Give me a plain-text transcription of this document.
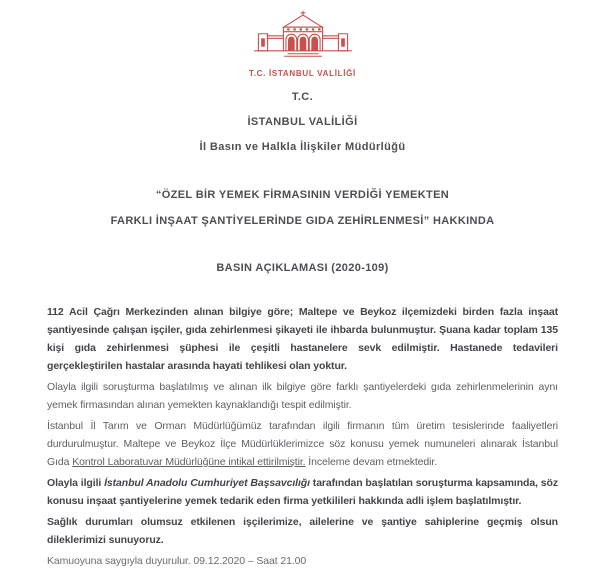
T.C. İSTANBUL VALİLİĞİ
T.C.
İSTANBUL VALİLİĞİ
İl Basın ve Halkla İlişkiler Müdürlüğü
“ÖZEL BİR YEMEK FİRMASININ VERDİĞİ YEMEKTEN
FARKLI İNŞAAT ŞANTİYELERİNDE GIDA ZEHİRLENMESİ” HAKKINDA
BASIN AÇIKLAMASI (2020-109)

112 Acil Çağrı Merkezinden alınan bilgiye göre; Maltepe ve Beykoz ilçemizdeki birden fazla inşaat şantiyesinde çalışan işçiler, gıda zehirlenmesi şikayeti ile ihbarda bulunmuştur. Şuana kadar toplam 135 kişi gıda zehirlenmesi şüphesi ile çeşitli hastanelere sevk edilmiştir. Hastanede tedavileri gerçekleştirilen hastalar arasında hayati tehlikesi olan yoktur.

Olayla ilgili soruşturma başlatılmış ve alınan ilk bilgiye göre farklı şantiyelerdeki gıda zehirlenmelerinin aynı yemek firmasından alınan yemekten kaynaklandığı tespit edilmiştir.

İstanbul İl Tarım ve Orman Müdürlüğümüz tarafından ilgili firmanın tüm üretim tesislerinde faaliyetleri durdurulmuştur. Maltepe ve Beykoz İlçe Müdürlüklerimizce söz konusu yemek numuneleri alınarak İstanbul Gıda Kontrol Laboratuvar Müdürlüğüne intikal ettirilmiştir. İnceleme devam etmektedir.

Olayla ilgili İstanbul Anadolu Cumhuriyet Başsavcılığı tarafından başlatılan soruşturma kapsamında, söz konusu inşaat şantiyelerine yemek tedarik eden firma yetkilileri hakkında adli işlem başlatılmıştır.

Sağlık durumları olumsuz etkilenen işçilerimize, ailelerine ve şantiye sahiplerine geçmiş olsun dileklerimizi sunuyoruz.

Kamuoyuna saygıyla duyurulur. 09.12.2020 – Saat 21.00
